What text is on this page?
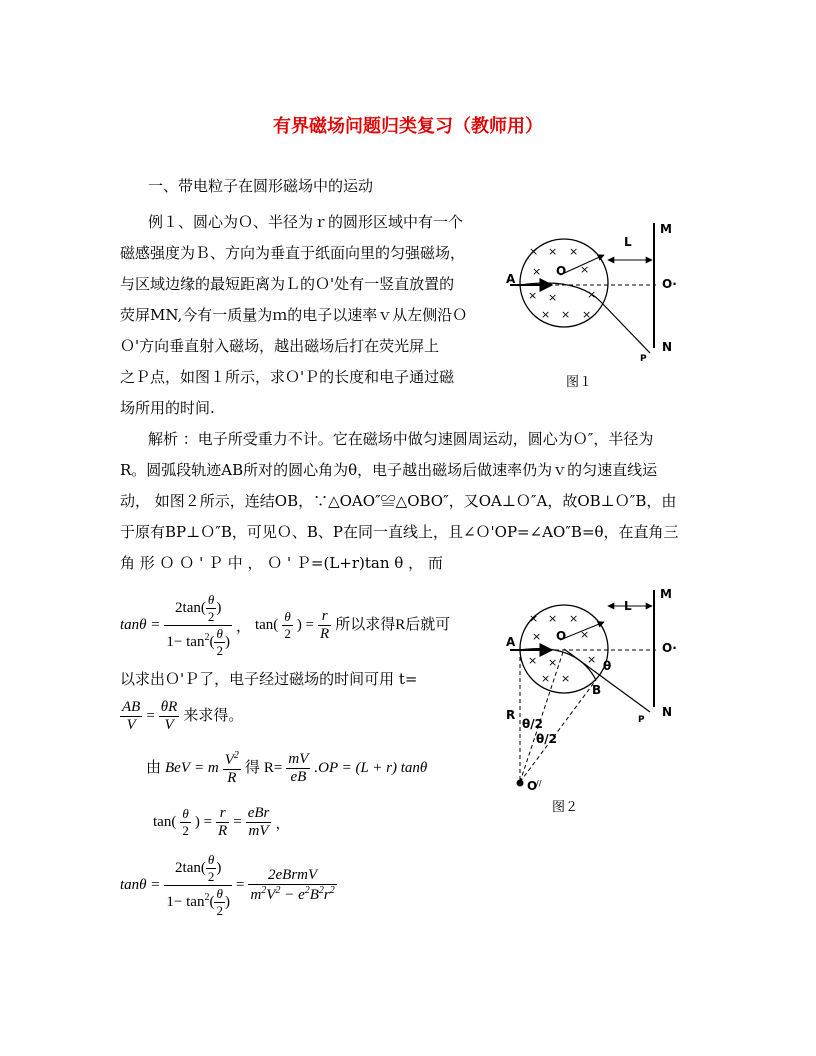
有界磁场问题归类复习（教师用）
一、带电粒子在圆形磁场中的运动
例１、圆心为Ｏ、半径为ｒ的圆形区域中有一个
磁感强度为Ｂ、方向为垂直于纸面向里的匀强磁场，
与区域边缘的最短距离为Ｌ的Ｏ'处有一竖直放置的
荧屏MN,今有一质量为ｍ的电子以速率ｖ从左侧沿Ｏ
Ｏ'方向垂直射入磁场，越出磁场后打在荧光屏上
之Ｐ点，如图１所示，求Ｏ'Ｐ的长度和电子通过磁
场所用的时间.
解析 ：电子所受重力不计。它在磁场中做匀速圆周运动，圆心为Ｏ″，半径为
R。圆弧段轨迹AB所对的圆心角为θ，电子越出磁场后做速率仍为ｖ的匀速直线运
动， 如图２所示，连结OB，∵△OAO″≌△OBO″，又OA⊥Ｏ″A，故OB⊥Ｏ″B，由
于原有BP⊥Ｏ″B，可见Ｏ、B、P在同一直线上，且∠Ｏ'OP=∠AO″B=θ，在直角三
角 形 Ｏ Ｏ ' Ｐ 中 ， Ｏ ' Ｐ=(L+r)tan θ ， 而
$\tan\theta = \frac{2\tan( \frac{\theta}{2} )}{1- \tan^2( \frac{\theta}{2} )}$ ， $\tan( \frac{\theta}{2}$ ) = $\frac{r}{R}$ 所以求得R后就可
以求出Ｏ'Ｐ了，电子经过磁场的时间可用 t=
$\frac{AB}{V} = \frac{\theta R}{V}$ 来求得。
由 BeV = m $\frac{V^2}{R}$ 得 $R= \frac{mV}{eB} .OP = (L + r)$ tanθ
$\tan( \frac{\theta}{2}$ ) = $\frac{r}{R} = \frac{\text{eBr}}{mV}$ ，
$\tan\theta = \frac{2\tan( \frac{\theta}{2} )}{1- \tan^2( \frac{\theta}{2} )} = \frac{\text{2eBrmV}}{m^2V^2 - e^2B^2r^2}$
× × ×
×	×
× ×	×
× × ×
M
L
A
O
O·
N
P
图１
× × ×
×	×
× ×	×
× ×
M
L
A	O
O·
θ
B
R	N
P
θ/2
θ/2
O
//
图２
